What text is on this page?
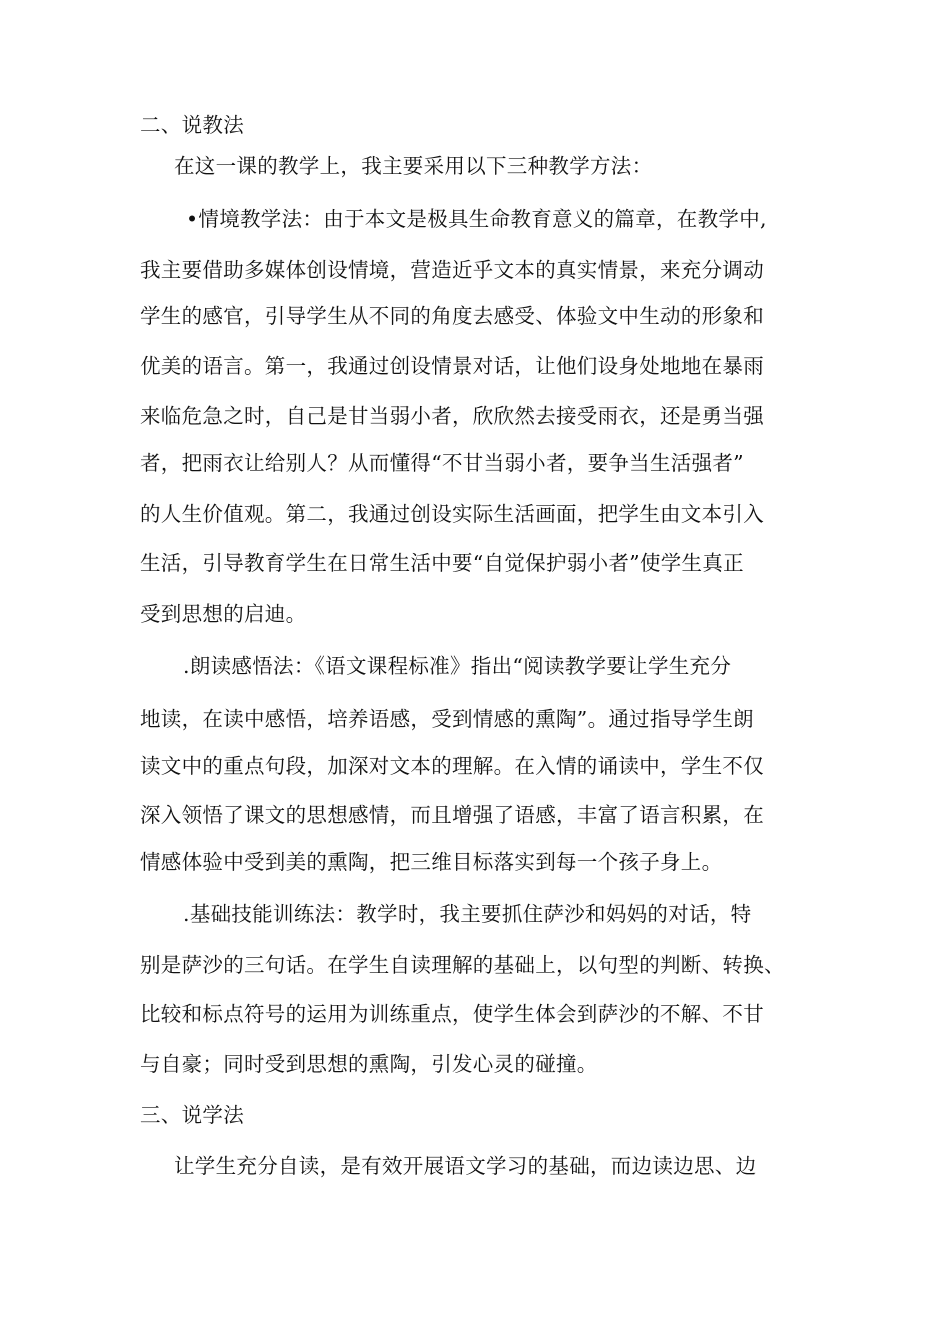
二、说教法
在这一课的教学上，我主要采用以下三种教学方法：
•情境教学法：由于本文是极具生命教育意义的篇章，在教学中,
我主要借助多媒体创设情境，营造近乎文本的真实情景，来充分调动
学生的感官，引导学生从不同的角度去感受、体验文中生动的形象和
优美的语言。第一，我通过创设情景对话，让他们设身处地地在暴雨
来临危急之时，自己是甘当弱小者，欣欣然去接受雨衣，还是勇当强
者，把雨衣让给别人？从而懂得“不甘当弱小者，要争当生活强者”
的人生价值观。第二，我通过创设实际生活画面，把学生由文本引入
生活，引导教育学生在日常生活中要“自觉保护弱小者”使学生真正
受到思想的启迪。
.朗读感悟法：《语文课程标准》指出“阅读教学要让学生充分
地读，在读中感悟，培养语感，受到情感的熏陶”。通过指导学生朗
读文中的重点句段，加深对文本的理解。在入情的诵读中，学生不仅
深入领悟了课文的思想感情，而且增强了语感，丰富了语言积累，在
情感体验中受到美的熏陶，把三维目标落实到每一个孩子身上。
.基础技能训练法：教学时，我主要抓住萨沙和妈妈的对话，特
别是萨沙的三句话。在学生自读理解的基础上，以句型的判断、转换、
比较和标点符号的运用为训练重点，使学生体会到萨沙的不解、不甘
与自豪；同时受到思想的熏陶，引发心灵的碰撞。
三、说学法
让学生充分自读，是有效开展语文学习的基础，而边读边思、边
